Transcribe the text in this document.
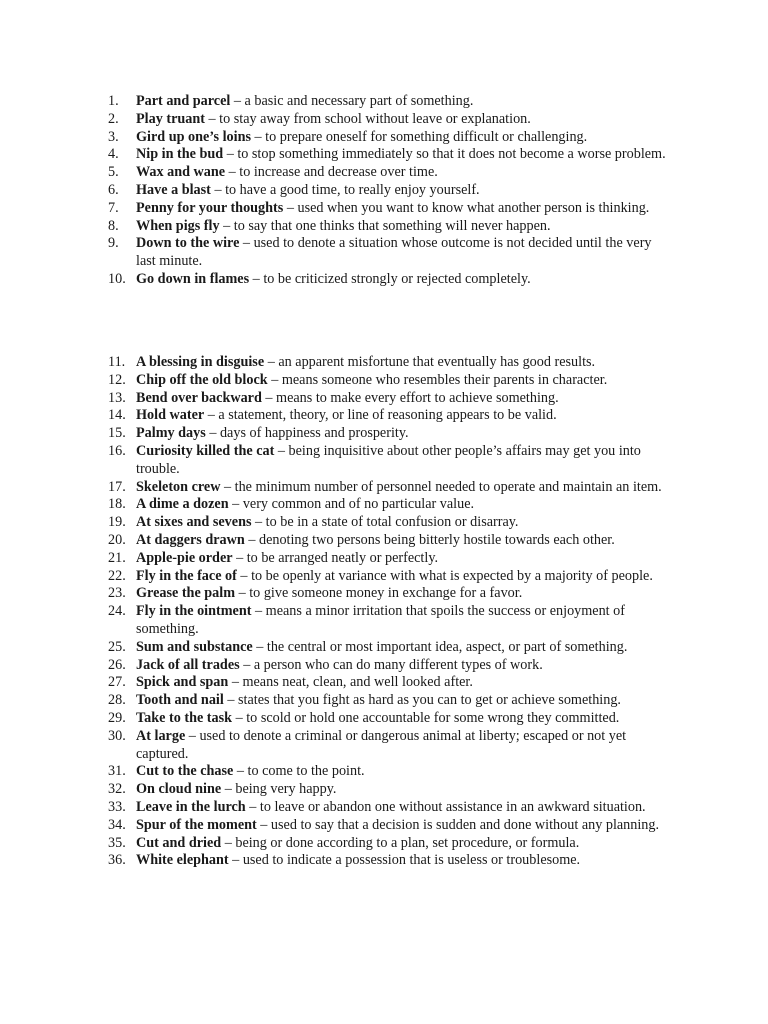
1.	Part and parcel – a basic and necessary part of something.
2.	Play truant – to stay away from school without leave or explanation.
3.	Gird up one’s loins – to prepare oneself for something difficult or challenging.
4.	Nip in the bud – to stop something immediately so that it does not become a worse problem.
5.	Wax and wane – to increase and decrease over time.
6.	Have a blast – to have a good time, to really enjoy yourself.
7.	Penny for your thoughts – used when you want to know what another person is thinking.
8.	When pigs fly – to say that one thinks that something will never happen.
9.	Down to the wire – used to denote a situation whose outcome is not decided until the very last minute.
10. Go down in flames – to be criticized strongly or rejected completely.
11. A blessing in disguise – an apparent misfortune that eventually has good results.
12. Chip off the old block – means someone who resembles their parents in character.
13. Bend over backward – means to make every effort to achieve something.
14. Hold water – a statement, theory, or line of reasoning appears to be valid.
15. Palmy days – days of happiness and prosperity.
16. Curiosity killed the cat – being inquisitive about other people’s affairs may get you into trouble.
17. Skeleton crew – the minimum number of personnel needed to operate and maintain an item.
18. A dime a dozen – very common and of no particular value.
19. At sixes and sevens – to be in a state of total confusion or disarray.
20. At daggers drawn – denoting two persons being bitterly hostile towards each other.
21. Apple-pie order – to be arranged neatly or perfectly.
22. Fly in the face of – to be openly at variance with what is expected by a majority of people.
23. Grease the palm – to give someone money in exchange for a favor.
24. Fly in the ointment – means a minor irritation that spoils the success or enjoyment of something.
25. Sum and substance – the central or most important idea, aspect, or part of something.
26. Jack of all trades – a person who can do many different types of work.
27. Spick and span – means neat, clean, and well looked after.
28. Tooth and nail – states that you fight as hard as you can to get or achieve something.
29. Take to the task – to scold or hold one accountable for some wrong they committed.
30. At large – used to denote a criminal or dangerous animal at liberty; escaped or not yet captured.
31. Cut to the chase – to come to the point.
32. On cloud nine – being very happy.
33. Leave in the lurch – to leave or abandon one without assistance in an awkward situation.
34. Spur of the moment – used to say that a decision is sudden and done without any planning.
35. Cut and dried – being or done according to a plan, set procedure, or formula.
36. White elephant – used to indicate a possession that is useless or troublesome.
